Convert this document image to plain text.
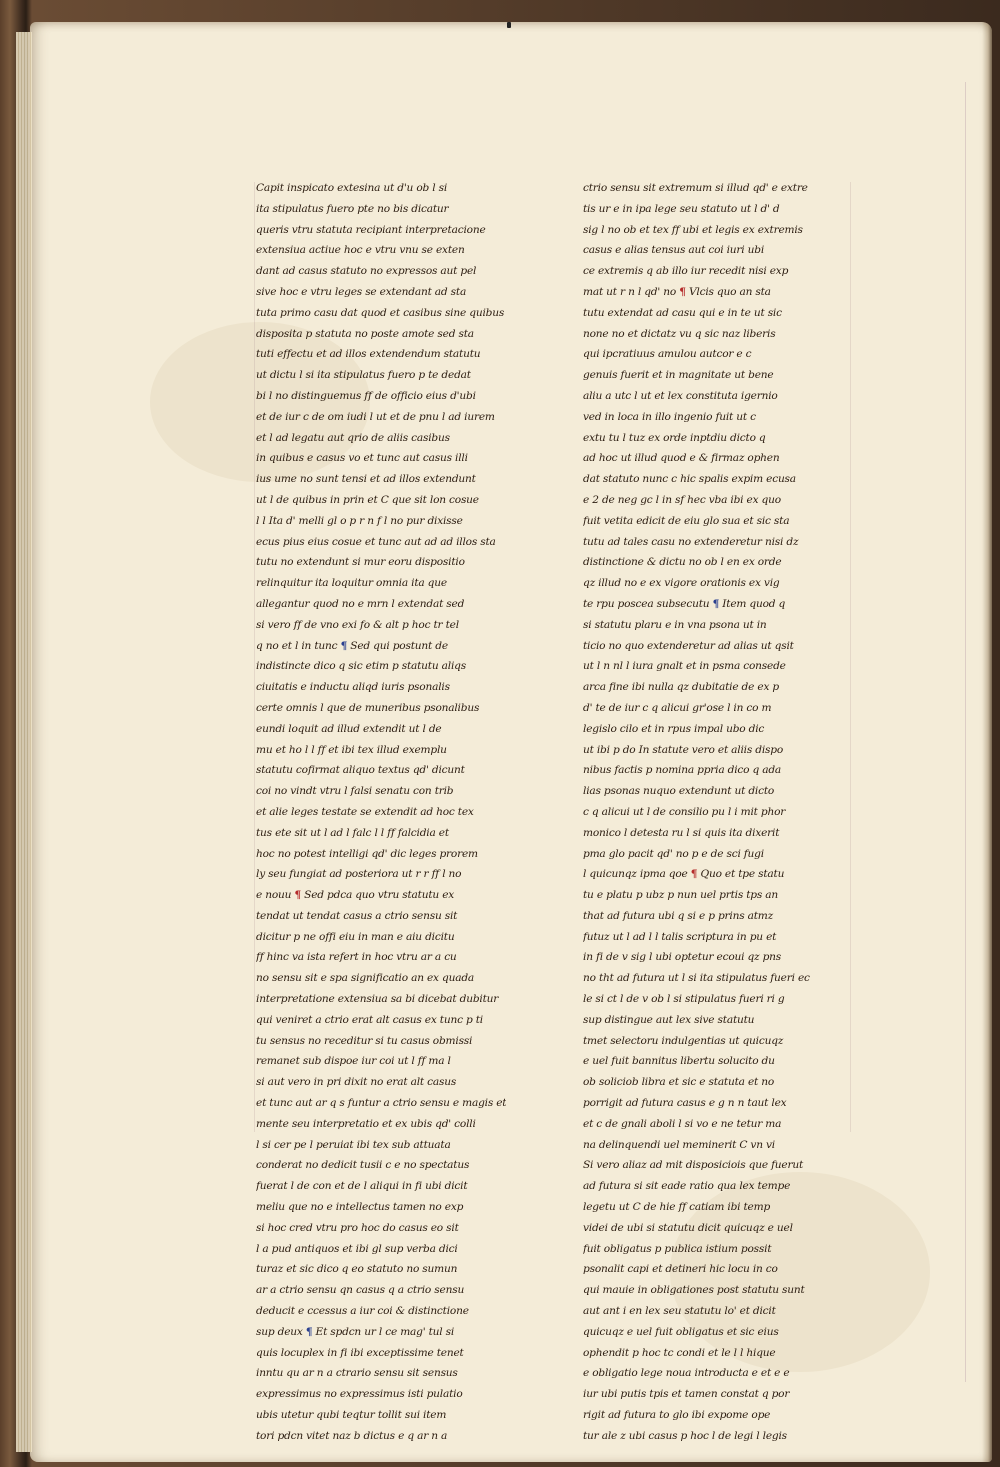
Capit inspicato extesina ut d'u ob l si
ita stipulatus fuero pte no bis dicatur
queris vtru statuta recipiant interpretacione
extensiua actiue hoc e vtru vnu se exten
dant ad casus statuto no expressos aut pel
sive hoc e vtru leges se extendant ad sta
tuta primo casu dat quod et casibus sine quibus
disposita p statuta no poste amote sed sta
tuti effectu et ad illos extendendum statutu
ut dictu l si ita stipulatus fuero p te dedat
bi l no distinguemus ff de officio eius d'ubi
et de iur c de om iudi l ut et de pnu l ad iurem
et l ad legatu aut qrio de aliis casibus
in quibus e casus vo et tunc aut casus illi
ius ume no sunt tensi et ad illos extendunt
ut l de quibus in prin et C que sit lon cosue
l l Ita d' melli gl o p r n f l no pur dixisse
ecus pius eius cosue et tunc aut ad ad illos sta
tutu no extendunt si mur eoru dispositio
relinquitur ita loquitur omnia ita que
allegantur quod no e mrn l extendat sed
si vero ff de vno exi fo & alt p hoc tr tel
q no et l in tunc ¶ Sed qui postunt de
indistincte dico q sic etim p statutu aliqs
ciuitatis e inductu aliqd iuris psonalis
certe omnis l que de muneribus psonalibus
eundi loquit ad illud extendit ut l de
mu et ho l l ff et ibi tex illud exemplu
statutu cofirmat aliquo textus qd' dicunt
coi no vindt vtru l falsi senatu con trib
et alie leges testate se extendit ad hoc tex
tus ete sit ut l ad l falc l l ff falcidia et
hoc no potest intelligi qd' dic leges prorem
ly seu fungiat ad posteriora ut r r ff l no
e nouu ¶ Sed pdca quo vtru statutu ex
tendat ut tendat casus a ctrio sensu sit
dicitur p ne offi eiu in man e aiu dicitu
ff hinc va ista refert in hoc vtru ar a cu
no sensu sit e spa significatio an ex quada
interpretatione extensiua sa bi dicebat dubitur
qui veniret a ctrio erat alt casus ex tunc p ti
tu sensus no receditur si tu casus obmissi
remanet sub dispoe iur coi ut l ff ma l
si aut vero in pri dixit no erat alt casus
et tunc aut ar q s funtur a ctrio sensu e magis et
mente seu interpretatio et ex ubis qd' colli
l si cer pe l peruiat ibi tex sub attuata
conderat no dedicit tusii c e no spectatus
fuerat l de con et de l aliqui in fi ubi dicit
meliu que no e intellectus tamen no exp
si hoc cred vtru pro hoc do casus eo sit
l a pud antiquos et ibi gl sup verba dici
turaz et sic dico q eo statuto no sumun
ar a ctrio sensu qn casus q a ctrio sensu
deducit e ccessus a iur coi & distinctione
sup deux ¶ Et spdcn ur l ce mag' tul si
quis locuplex in fi ibi exceptissime tenet
inntu qu ar n a ctrario sensu sit sensus
expressimus no expressimus isti pulatio
ubis utetur qubi teqtur tollit sui item
tori pdcn vitet naz b dictus e q ar n a
ctrio sensu sit extremum si illud qd' e extre
tis ur e in ipa lege seu statuto ut l d' d
sig l no ob et tex ff ubi et legis ex extremis
casus e alias tensus aut coi iuri ubi
ce extremis q ab illo iur recedit nisi exp
mat ut r n l qd' no ¶ Vlcis quo an sta
tutu extendat ad casu qui e in te ut sic
none no et dictatz vu q sic naz liberis
qui ipcratiuus amulou autcor e c
genuis fuerit et in magnitate ut bene
aliu a utc l ut et lex constituta igernio
ved in loca in illo ingenio fuit ut c
extu tu l tuz ex orde inptdiu dicto q
ad hoc ut illud quod e & firmaz ophen
dat statuto nunc c hic spalis expim ecusa
e 2 de neg gc l in sf hec vba ibi ex quo
fuit vetita edicit de eiu glo sua et sic sta
tutu ad tales casu no extenderetur nisi dz
distinctione & dictu no ob l en ex orde
qz illud no e ex vigore orationis ex vig
te rpu poscea subsecutu ¶ Item quod q
si statutu plaru e in vna psona ut in
ticio no quo extenderetur ad alias ut qsit
ut l n nl l iura gnalt et in psma consede
arca fine ibi nulla qz dubitatie de ex p
d' te de iur c q alicui gr'ose l in co m
legislo cilo et in rpus impal ubo dic
ut ibi p do In statute vero et aliis dispo
nibus factis p nomina ppria dico q ada
lias psonas nuquo extendunt ut dicto
c q alicui ut l de consilio pu l i mit phor
monico l detesta ru l si quis ita dixerit
pma glo pacit qd' no p e de sci fugi
l quicunqz ipma qoe ¶ Quo et tpe statu
tu e platu p ubz p nun uel prtis tps an
that ad futura ubi q si e p prins atmz
futuz ut l ad l l talis scriptura in pu et
in fi de v sig l ubi optetur ecoui qz pns
no tht ad futura ut l si ita stipulatus fueri ec
le si ct l de v ob l si stipulatus fueri ri g
sup distingue aut lex sive statutu
tmet selectoru indulgentias ut quicuqz
e uel fuit bannitus libertu solucito du
ob soliciob libra et sic e statuta et no
porrigit ad futura casus e g n n taut lex
et c de gnali aboli l si vo e ne tetur ma
na delinquendi uel meminerit C vn vi
Si vero aliaz ad mit disposiciois que fuerut
ad futura si sit eade ratio qua lex tempe
legetu ut C de hie ff catiam ibi temp
videi de ubi si statutu dicit quicuqz e uel
fuit obligatus p publica istium possit
psonalit capi et detineri hic locu in co
qui mauie in obligationes post statutu sunt
aut ant i en lex seu statutu lo' et dicit
quicuqz e uel fuit obligatus et sic eius
ophendit p hoc tc condi et le l l hique
e obligatio lege noua introducta e et e e
iur ubi putis tpis et tamen constat q por
rigit ad futura to glo ibi expome ope
tur ale z ubi casus p hoc l de legi l legis
